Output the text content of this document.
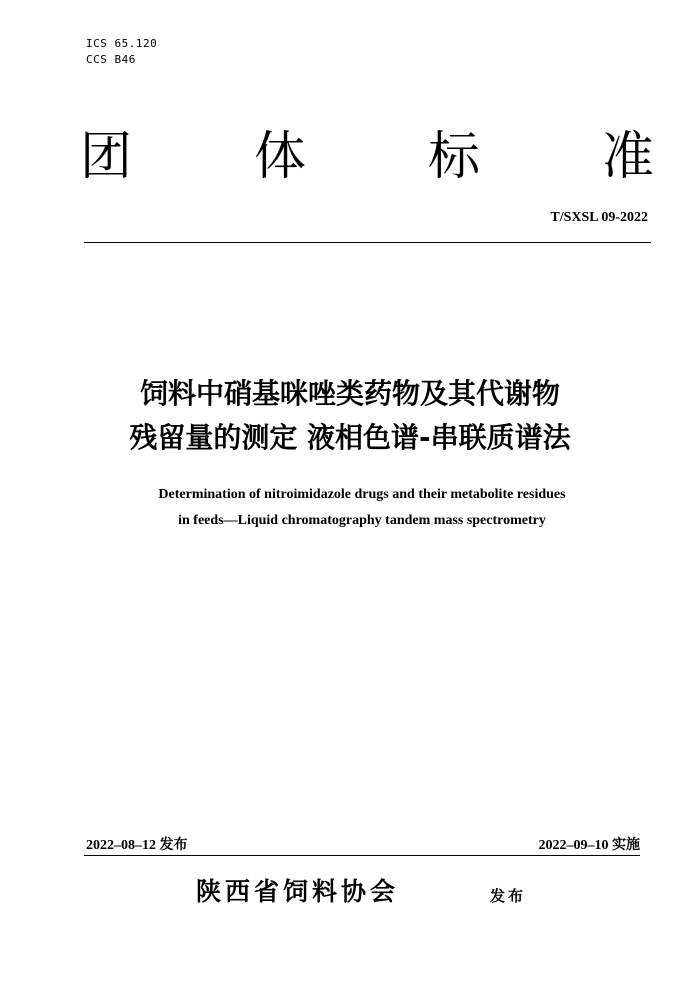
ICS 65.120
CCS B46
团 体 标 准
T/SXSL 09-2022
饲料中硝基咪唑类药物及其代谢物
残留量的测定 液相色谱-串联质谱法
Determination of nitroimidazole drugs and their metabolite residues
in feeds—Liquid chromatography tandem mass spectrometry
2022–08–12 发布	2022–09–10 实施
陕西省饲料协会	发布
